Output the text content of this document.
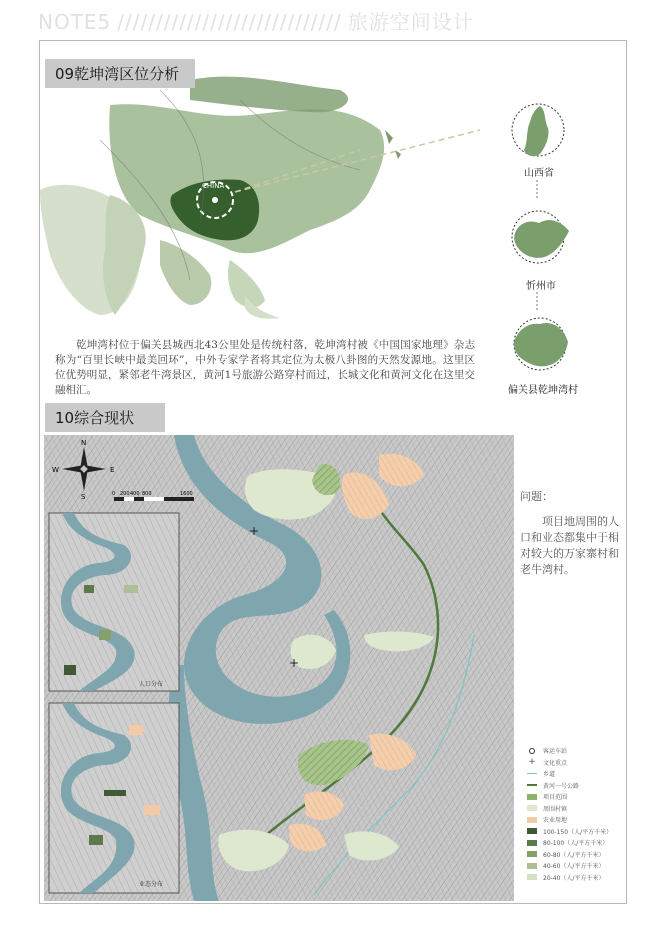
NOTE5 ///////////////////////////// 旅游空间设计
CHINA
09乾坤湾区位分析
山西省
忻州市
偏关县乾坤湾村
乾坤湾村位于偏关县城西北43公里处是传统村落，乾坤湾村被《中国国家地理》杂志称为“百里长峡中最美回环”，中外专家学者将其定位为太极八卦图的天然发源地。这里区位优势明显，紧邻老牛湾景区，黄河1号旅游公路穿村而过，长城文化和黄河文化在这里交融相汇。
10综合现状
人口分布
业态分布
N
S
W	E
0 200 400 800	1600
+
+
问题：
项目地周围的人口和业态都集中于相对较大的万家寨村和老牛湾村。
客运车站
+ 文化重点
乡道
黄河一号公路
项目范围
周围村镇
农业用地
100-150（人/平方千米）
80-100（人/平方千米）
60-80（人/平方千米）
40-60（人/平方千米）
20-40（人/平方千米）
